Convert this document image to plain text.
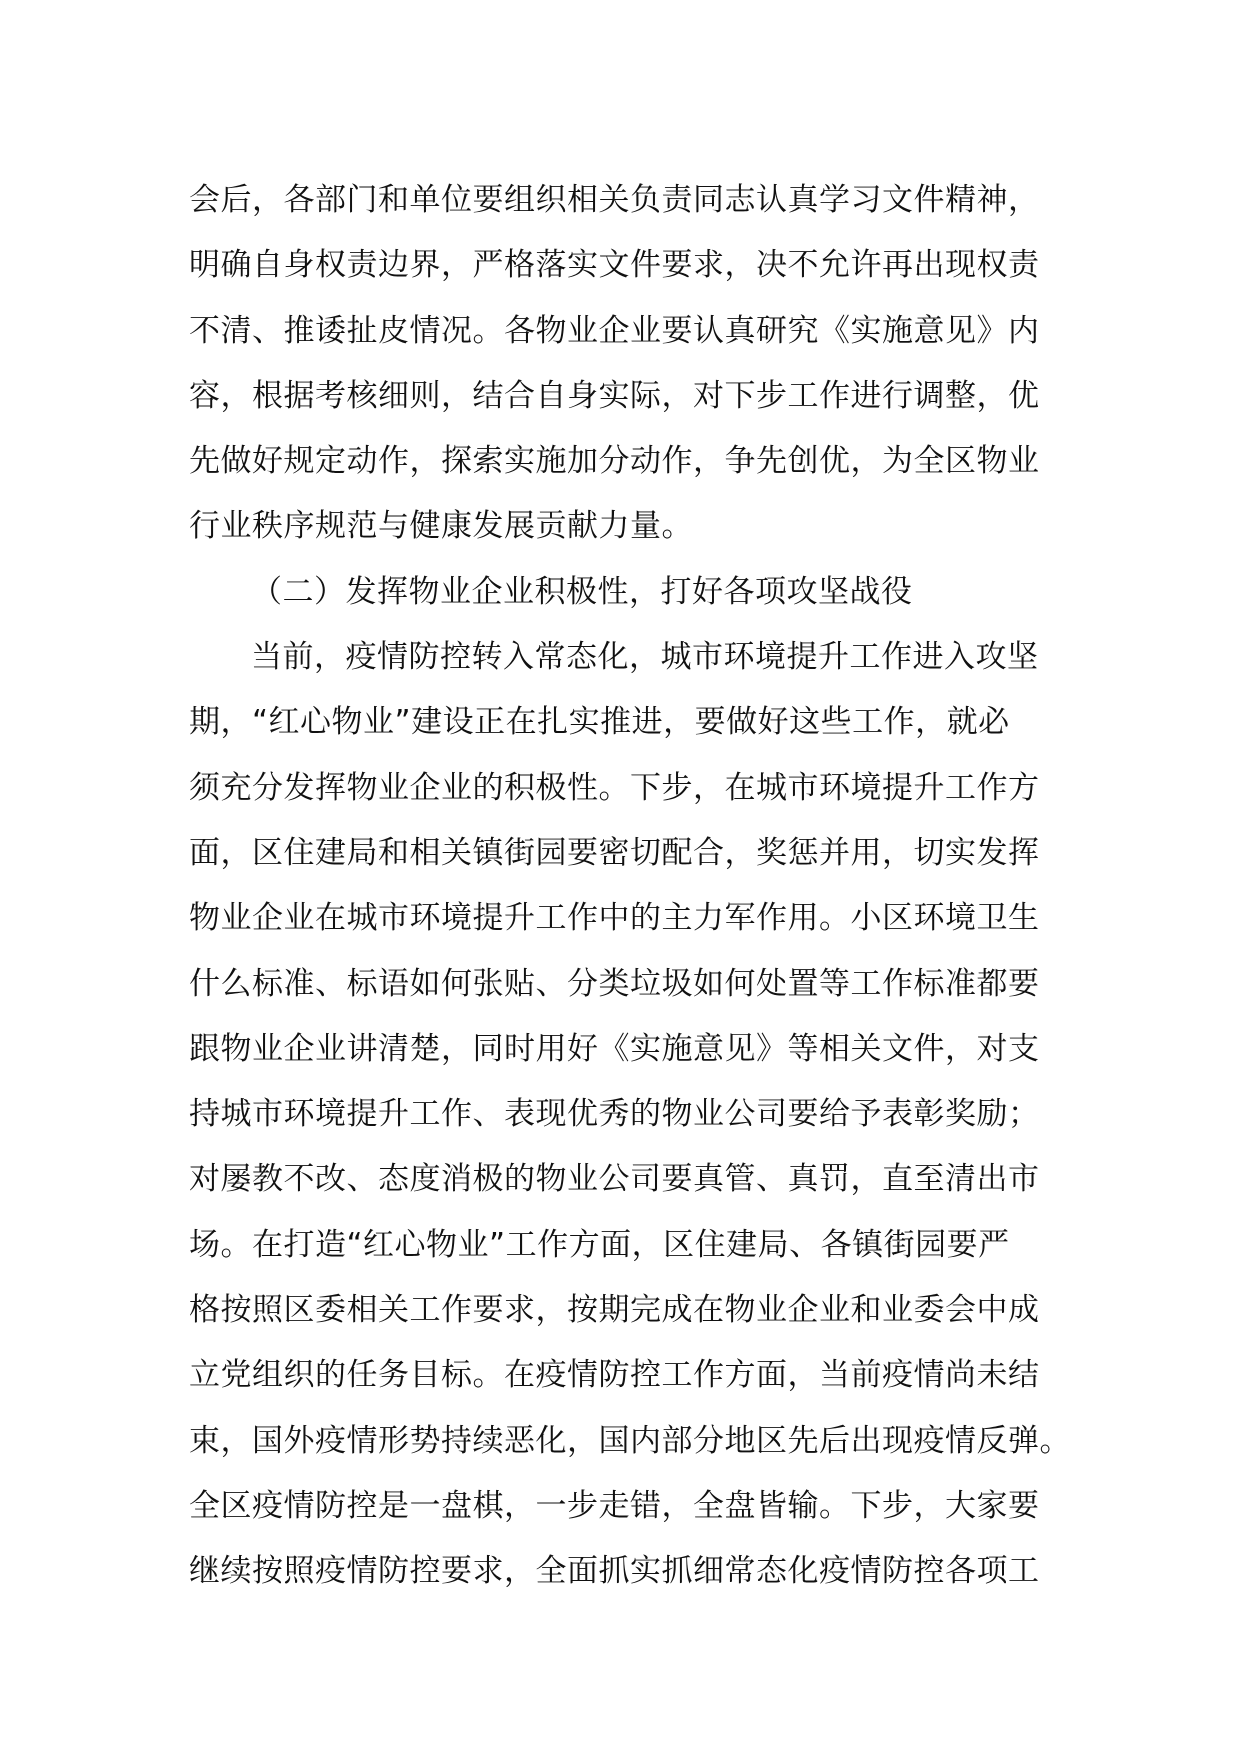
会后，各部门和单位要组织相关负责同志认真学习文件精神，
明确自身权责边界，严格落实文件要求，决不允许再出现权责
不清、推诿扯皮情况。各物业企业要认真研究《实施意见》内
容，根据考核细则，结合自身实际，对下步工作进行调整，优
先做好规定动作，探索实施加分动作，争先创优，为全区物业
行业秩序规范与健康发展贡献力量。
（二）发挥物业企业积极性，打好各项攻坚战役
当前，疫情防控转入常态化，城市环境提升工作进入攻坚
期，“红心物业”建设正在扎实推进，要做好这些工作，就必
须充分发挥物业企业的积极性。下步，在城市环境提升工作方
面，区住建局和相关镇街园要密切配合，奖惩并用，切实发挥
物业企业在城市环境提升工作中的主力军作用。小区环境卫生
什么标准、标语如何张贴、分类垃圾如何处置等工作标准都要
跟物业企业讲清楚，同时用好《实施意见》等相关文件，对支
持城市环境提升工作、表现优秀的物业公司要给予表彰奖励；
对屡教不改、态度消极的物业公司要真管、真罚，直至清出市
场。在打造“红心物业”工作方面，区住建局、各镇街园要严
格按照区委相关工作要求，按期完成在物业企业和业委会中成
立党组织的任务目标。在疫情防控工作方面，当前疫情尚未结
束，国外疫情形势持续恶化，国内部分地区先后出现疫情反弹。
全区疫情防控是一盘棋，一步走错，全盘皆输。下步，大家要
继续按照疫情防控要求，全面抓实抓细常态化疫情防控各项工
